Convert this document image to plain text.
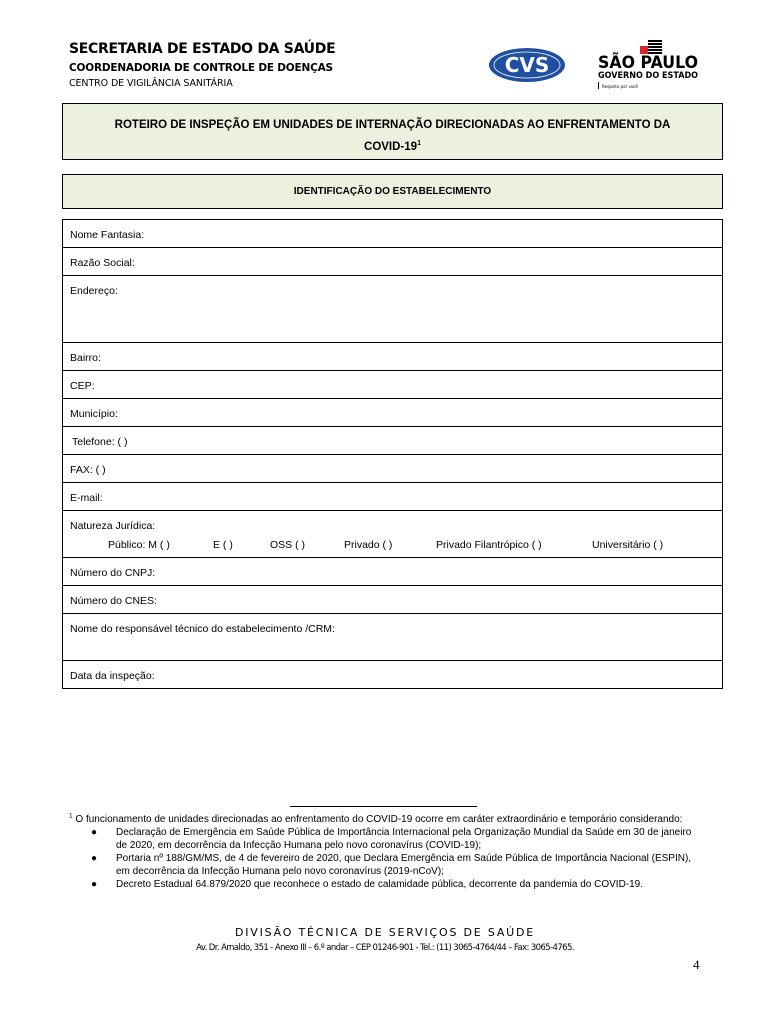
SECRETARIA DE ESTADO DA SAÚDE
COORDENADORIA DE CONTROLE DE DOENÇAS
CENTRO DE VIGILÂNCIA SANITÁRIA
CVS	SÃO PAULO
GOVERNO DO ESTADO
Respeito por você
ROTEIRO DE INSPEÇÃO EM UNIDADES DE INTERNAÇÃO DIRECIONADAS AO ENFRENTAMENTO DA
COVID-$19^1$
IDENTIFICAÇÃO DO ESTABELECIMENTO
Nome Fantasia:
Razão Social:
Endereço:
Bairro:
CEP:
Município:
Telefone: ( )
FAX: ( )
E-mail:
Natureza Jurídica:
Número do CNPJ:
Número do CNES:
Nome do responsável técnico do estabelecimento /CRM:
Data da inspeção:
Público: M ( )	E ( )	OSS ( )	Privado ( )	Privado Filantrópico ( )	Universitário ( )
$^1$ O funcionamento de unidades direcionadas ao enfrentamento do COVID-19 ocorre em caráter extraordinário e temporário considerando:
● Declaração de Emergência em Saúde Pública de Importância Internacional pela Organização Mundial da Saúde em 30 de janeiro de 2020, em decorrência da Infecção Humana pelo novo coronavírus (COVID-19);
● Portaria nº 188/GM/MS, de 4 de fevereiro de 2020, que Declara Emergência em Saúde Pública de Importância Nacional (ESPIN), em decorrência da Infecção Humana pelo novo coronavírus (2019-nCoV);
● Decreto Estadual 64.879/2020 que reconhece o estado de calamidade pública, decorrente da pandemia do COVID-19.
DIVISÃO TÉCNICA DE SERVIÇOS DE SAÚDE
Av. Dr. Arnaldo, 351 - Anexo III – 6.º andar – CEP 01246-901 - Tel.: (11) 3065-4764/44 – Fax: 3065-4765.
4
